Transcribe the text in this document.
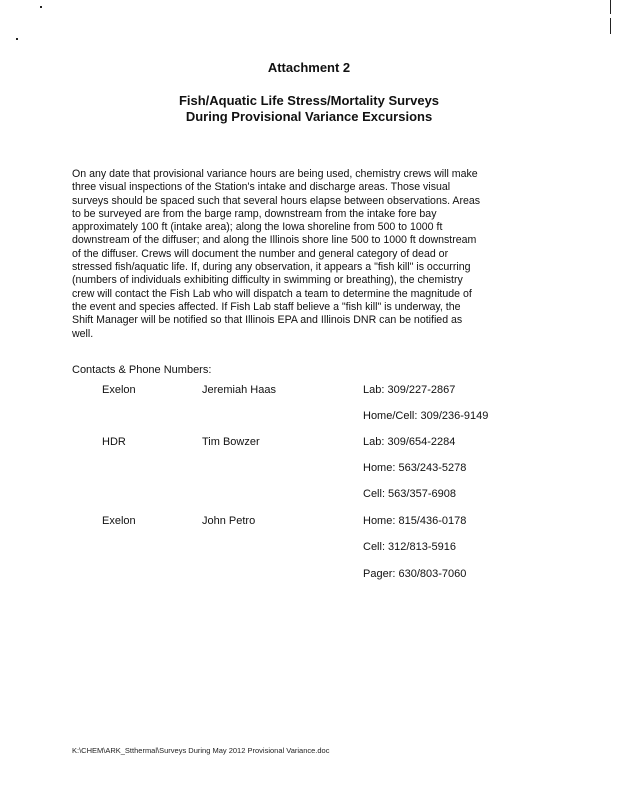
Attachment 2
Fish/Aquatic Life Stress/Mortality Surveys
During Provisional Variance Excursions
On any date that provisional variance hours are being used, chemistry crews will make
three visual inspections of the Station's intake and discharge areas. Those visual
surveys should be spaced such that several hours elapse between observations. Areas
to be surveyed are from the barge ramp, downstream from the intake fore bay
approximately 100 ft (intake area); along the Iowa shoreline from 500 to 1000 ft
downstream of the diffuser; and along the Illinois shore line 500 to 1000 ft downstream
of the diffuser. Crews will document the number and general category of dead or
stressed fish/aquatic life. If, during any observation, it appears a "fish kill" is occurring
(numbers of individuals exhibiting difficulty in swimming or breathing), the chemistry
crew will contact the Fish Lab who will dispatch a team to determine the magnitude of
the event and species affected. If Fish Lab staff believe a "fish kill" is underway, the
Shift Manager will be notified so that Illinois EPA and Illinois DNR can be notified as
well.
Contacts & Phone Numbers:
Exelon	Jeremiah Haas	Lab: 309/227-2867
Home/Cell: 309/236-9149
HDR	Tim Bowzer	Lab: 309/654-2284
Home: 563/243-5278
Cell: 563/357-6908
Exelon	John Petro	Home: 815/436-0178
Cell: 312/813-5916
Pager: 630/803-7060
K:\CHEM\ARK_Stthermal\Surveys During May 2012 Provisional Variance.doc
